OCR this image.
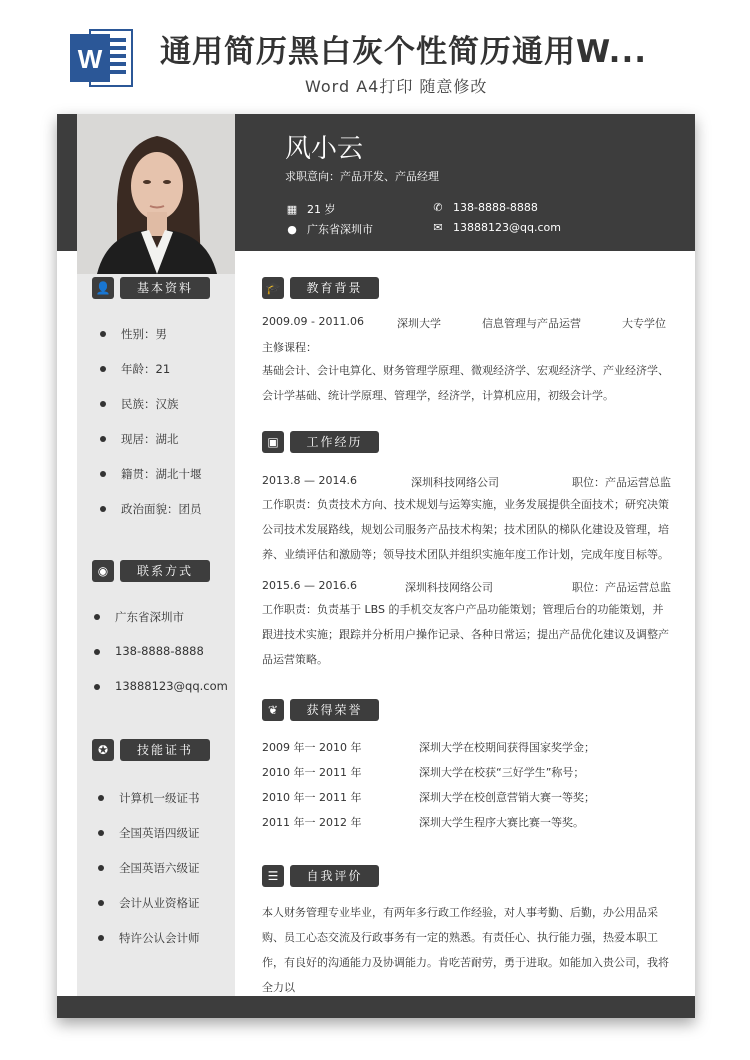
W 通用简历黑白灰个性简历通用W...
Word A4打印 随意修改
风小云
求职意向：产品开发、产品经理
▦ 21 岁
● 广东省深圳市
✆ 138-8888-8888
✉ 13888123@qq.com
👤	基本资料
性别：男
年龄：21
民族：汉族
现居：湖北
籍贯：湖北十堰
政治面貌：团员
◉	联系方式
广东省深圳市
138-8888-8888
13888123@qq.com
✪	技能证书
计算机一级证书
全国英语四级证
全国英语六级证
会计从业资格证
特许公认会计师
🎓	教育背景
2009.09 - 2011.06	深圳大学	信息管理与产品运营	大专学位
主修课程：
基础会计、会计电算化、财务管理学原理、微观经济学、宏观经济学、产业经济学、会计学基础、统计学原理、管理学，经济学，计算机应用，初级会计学。
▣	工作经历
2013.8 — 2014.6	深圳科技网络公司	职位：产品运营总监
工作职责：负责技术方向、技术规划与运筹实施，业务发展提供全面技术；研究决策公司技术发展路线，规划公司服务产品技术构架；技术团队的梯队化建设及管理，培养、业绩评估和激励等；领导技术团队并组织实施年度工作计划，完成年度目标等。
2015.6 — 2016.6	深圳科技网络公司	职位：产品运营总监
工作职责：负责基于 LBS 的手机交友客户产品功能策划；管理后台的功能策划，并跟进技术实施；跟踪并分析用户操作记录、各种日常运；提出产品优化建议及调整产品运营策略。
❦	获得荣誉
2009 年一 2010 年	深圳大学在校期间获得国家奖学金；
2010 年一 2011 年	深圳大学在校获“三好学生”称号；
2010 年一 2011 年	深圳大学在校创意营销大赛一等奖；
2011 年一 2012 年	深圳大学生程序大赛比赛一等奖。
☰	自我评价
本人财务管理专业毕业，有两年多行政工作经验，对人事考勤、后勤，办公用品采购、员工心态交流及行政事务有一定的熟悉。有责任心、执行能力强，热爱本职工作，有良好的沟通能力及协调能力。肯吃苦耐劳，勇于进取。如能加入贵公司，我将全力以
